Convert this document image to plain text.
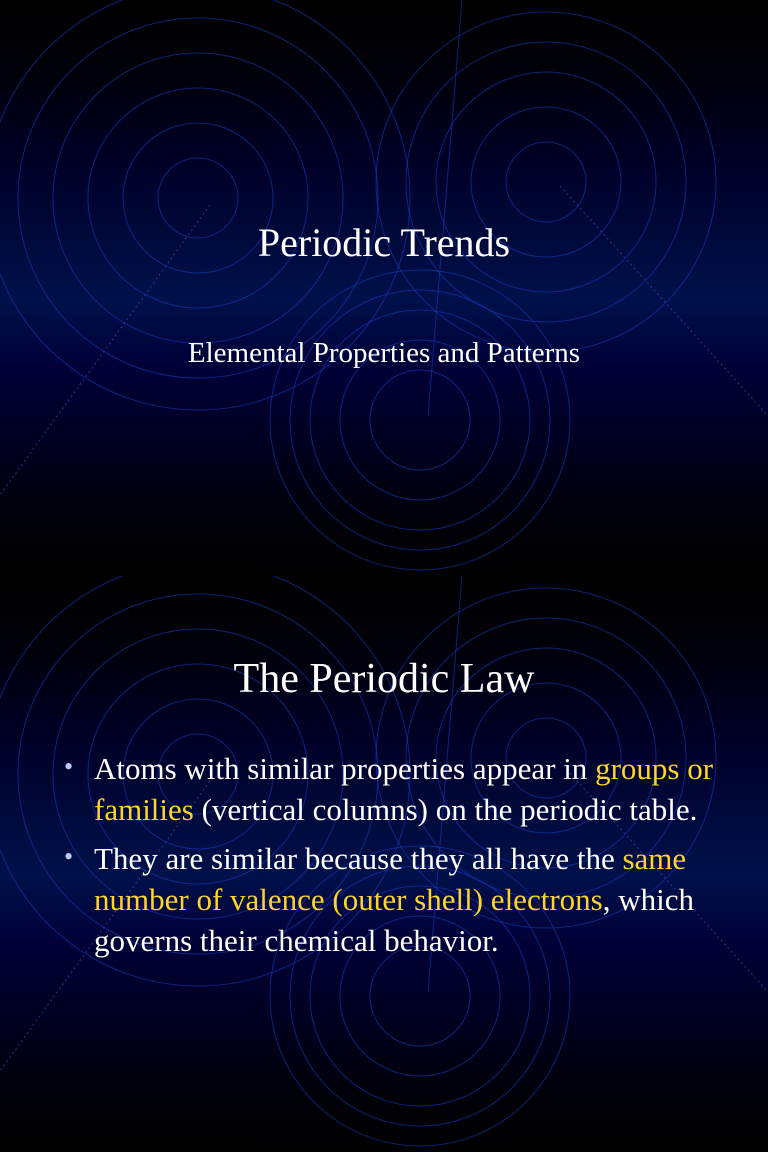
Periodic Trends
Elemental Properties and Patterns
The Periodic Law
• Atoms with similar properties appear in groups or families (vertical columns) on the periodic table.
• They are similar because they all have the same number of valence (outer shell) electrons, which governs their chemical behavior.
